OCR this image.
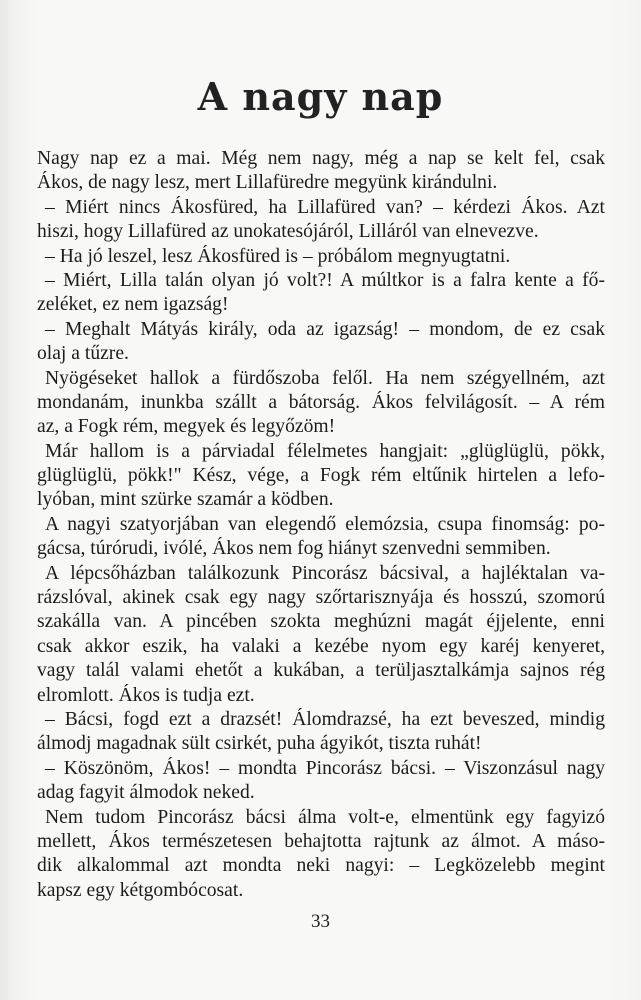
A nagy nap
Nagy nap ez a mai. Még nem nagy, még a nap se kelt fel, csak
Ákos, de nagy lesz, mert Lillafüredre megyünk kirándulni.
– Miért nincs Ákosfüred, ha Lillafüred van? – kérdezi Ákos. Azt
hiszi, hogy Lillafüred az unokatesójáról, Lilláról van elnevezve.
– Ha jó leszel, lesz Ákosfüred is – próbálom megnyugtatni.
– Miért, Lilla talán olyan jó volt?! A múltkor is a falra kente a fő-
zeléket, ez nem igazság!
– Meghalt Mátyás király, oda az igazság! – mondom, de ez csak
olaj a tűzre.
Nyögéseket hallok a fürdőszoba felől. Ha nem szégyellném, azt
mondanám, inunkba szállt a bátorság. Ákos felvilágosít. – A rém
az, a Fogk rém, megyek és legyőzöm!
Már hallom is a párviadal félelmetes hangjait: „glüglüglü, pökk,
glüglüglü, pökk!" Kész, vége, a Fogk rém eltűnik hirtelen a lefo-
lyóban, mint szürke szamár a ködben.
A nagyi szatyorjában van elegendő elemózsia, csupa finomság: po-
gácsa, túrórudi, ivólé, Ákos nem fog hiányt szenvedni semmiben.
A lépcsőházban találkozunk Pincorász bácsival, a hajléktalan va-
rázslóval, akinek csak egy nagy szőrtarisznyája és hosszú, szomorú
szakálla van. A pincében szokta meghúzni magát éjjelente, enni
csak akkor eszik, ha valaki a kezébe nyom egy karéj kenyeret,
vagy talál valami ehetőt a kukában, a terüljasztalkámja sajnos rég
elromlott. Ákos is tudja ezt.
– Bácsi, fogd ezt a drazsét! Álomdrazsé, ha ezt beveszed, mindig
álmodj magadnak sült csirkét, puha ágyikót, tiszta ruhát!
– Köszönöm, Ákos! – mondta Pincorász bácsi. – Viszonzásul nagy
adag fagyit álmodok neked.
Nem tudom Pincorász bácsi álma volt-e, elmentünk egy fagyizó
mellett, Ákos természetesen behajtotta rajtunk az álmot. A máso-
dik alkalommal azt mondta neki nagyi: – Legközelebb megint
kapsz egy kétgombócosat.
33
